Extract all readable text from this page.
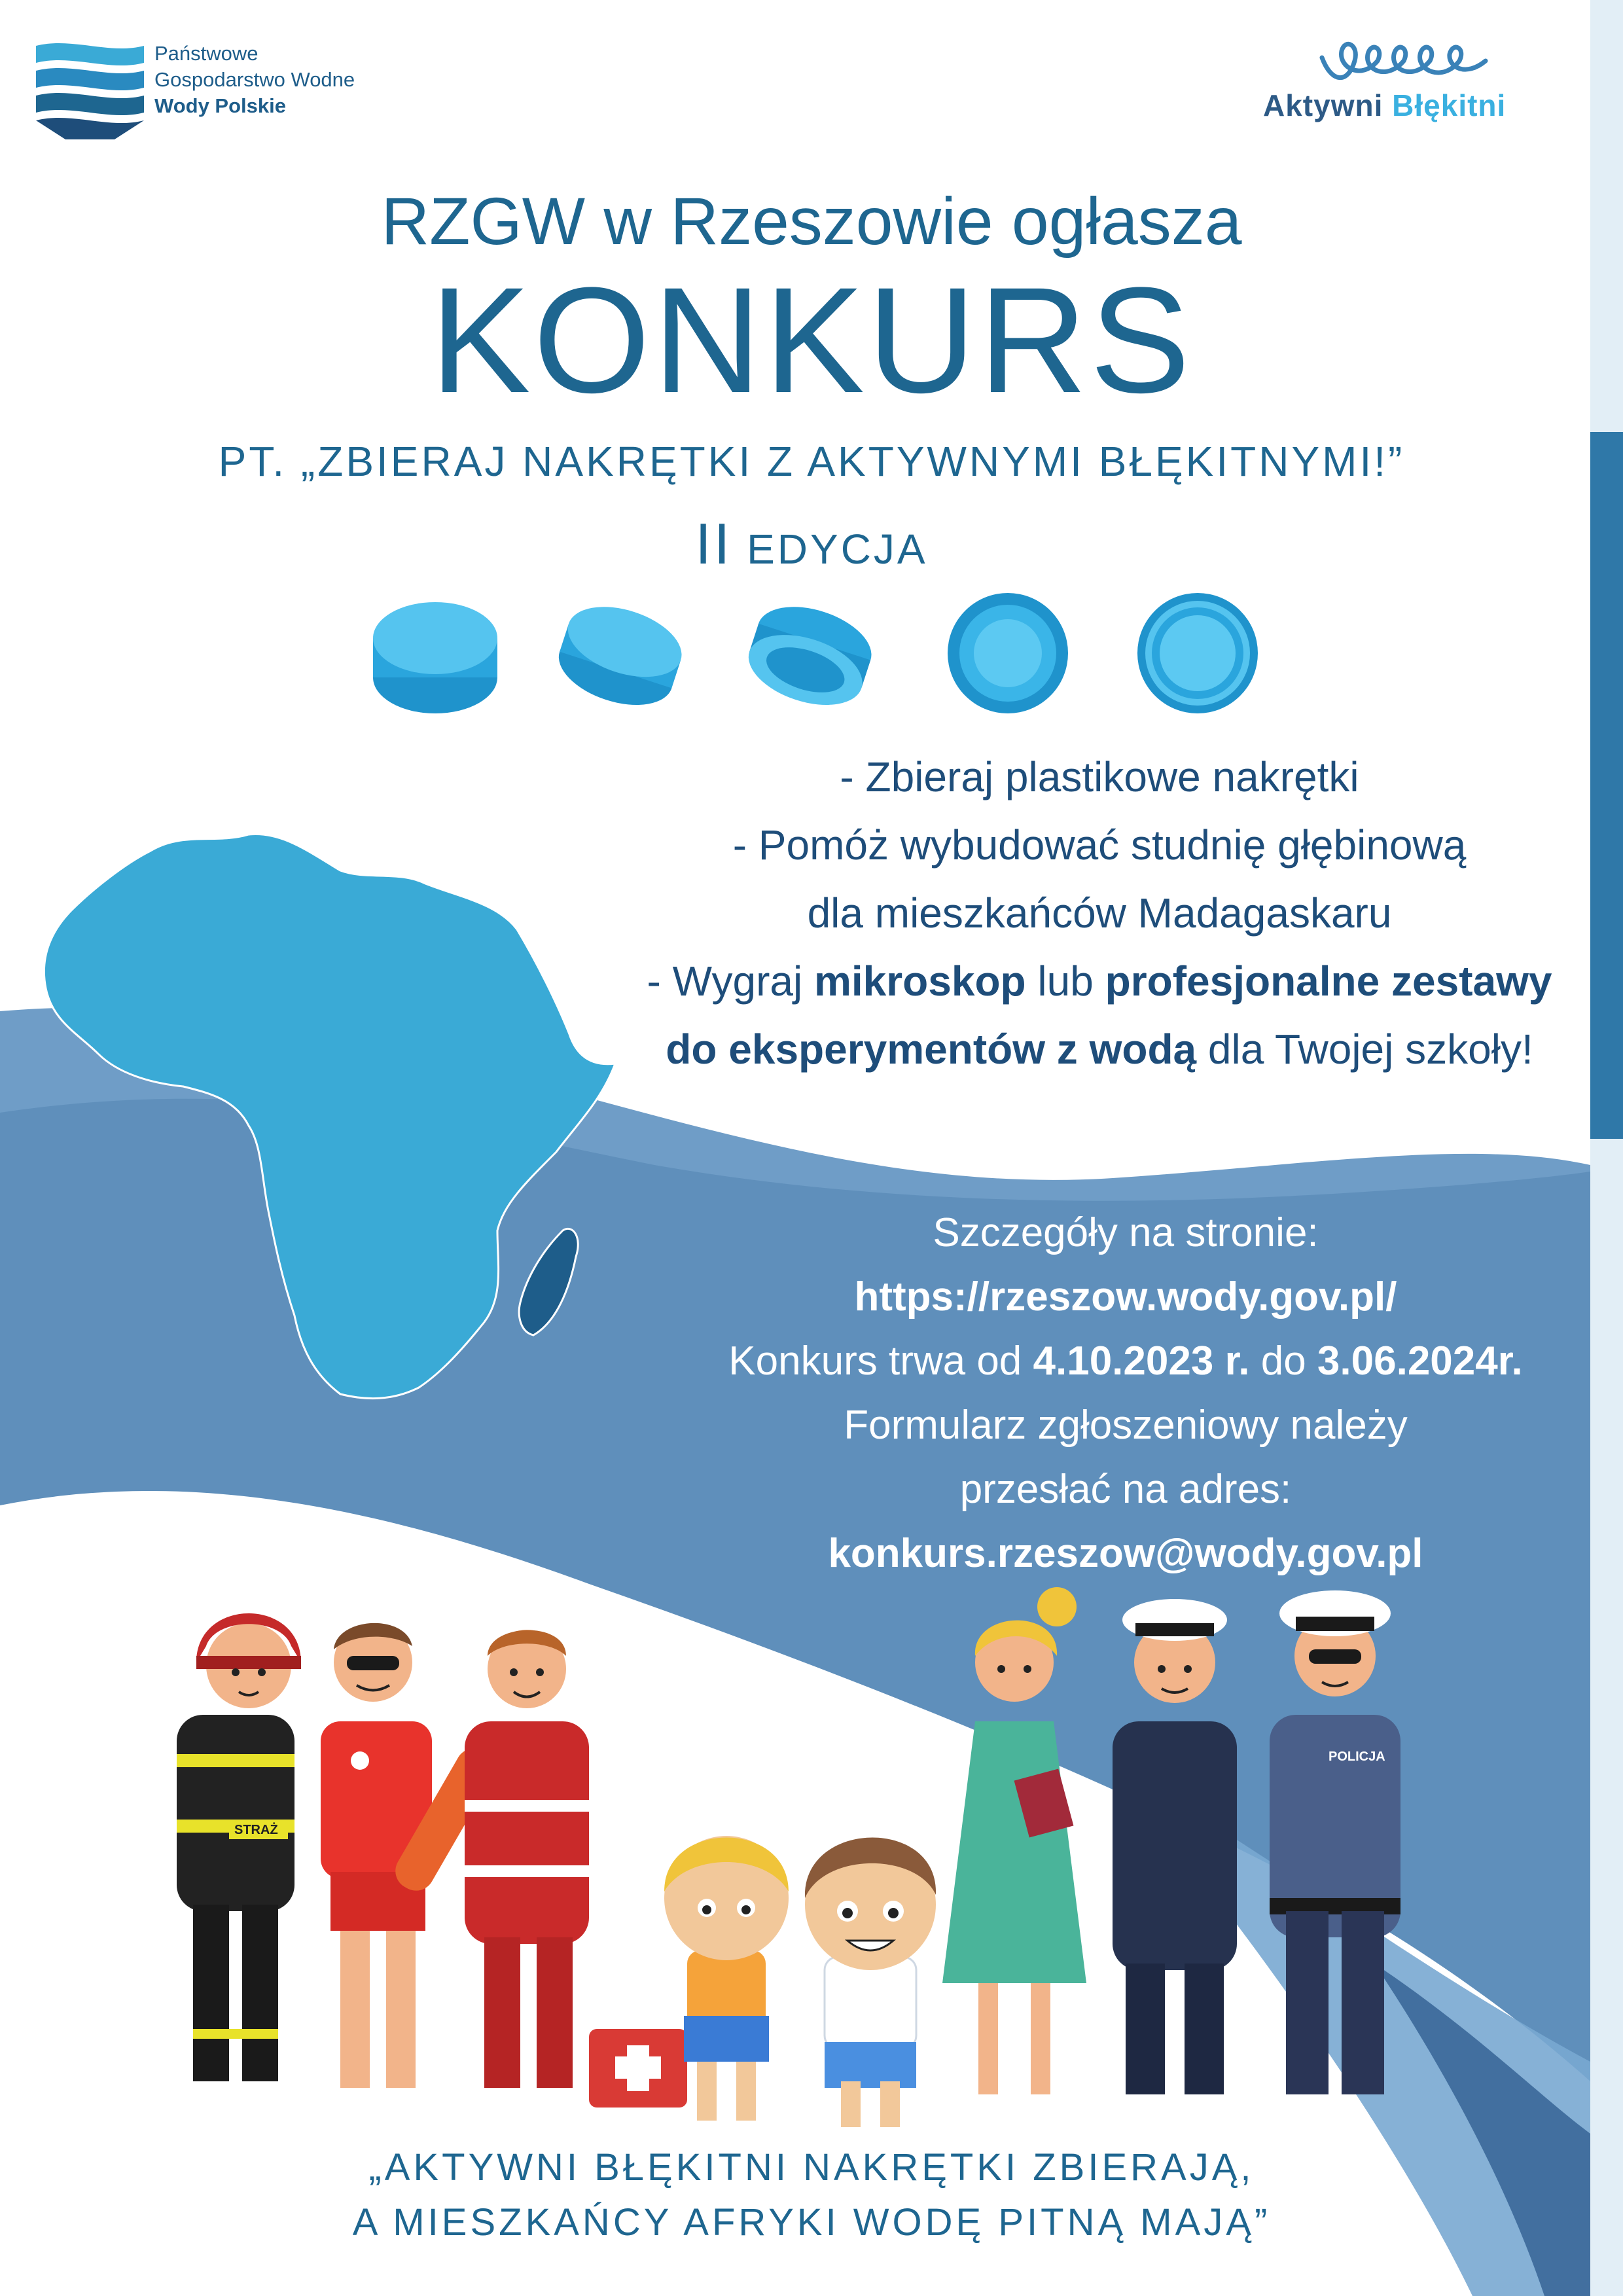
Państwowe
Gospodarstwo Wodne
Wody Polskie	Aktywni Błękitni
RZGW w Rzeszowie ogłasza
KONKURS
PT. „ZBIERAJ NAKRĘTKI Z AKTYWNYMI BŁĘKITNYMI!”
II EDYCJA
- Zbieraj plastikowe nakrętki
- Pomóż wybudować studnię głębinową
dla mieszkańców Madagaskaru
- Wygraj mikroskop lub profesjonalne zestawy
do eksperymentów z wodą dla Twojej szkoły!
Szczegóły na stronie:
https://rzeszow.wody.gov.pl/
Konkurs trwa od 4.10.2023 r. do 3.06.2024r.
Formularz zgłoszeniowy należy
przesłać na adres:
konkurs.rzeszow@wody.gov.pl
STRAŻ
POLICJA
„AKTYWNI BŁĘKITNI NAKRĘTKI ZBIERAJĄ,
A MIESZKAŃCY AFRYKI WODĘ PITNĄ MAJĄ”
